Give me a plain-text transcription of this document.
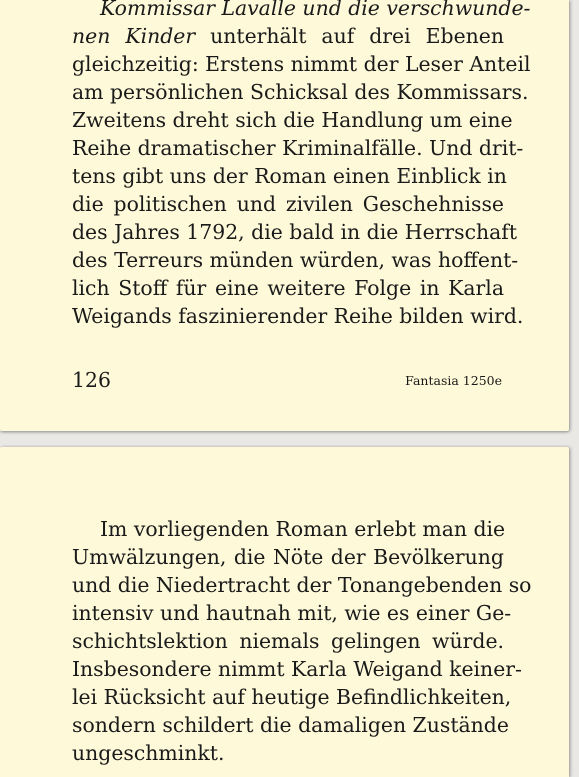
Kommissar Lavalle und die verschwunde-
nen Kinder unterhält auf drei Ebenen
gleichzeitig: Erstens nimmt der Leser Anteil
am persönlichen Schicksal des Kommissars.
Zweitens dreht sich die Handlung um eine
Reihe dramatischer Kriminalfälle. Und drit-
tens gibt uns der Roman einen Einblick in
die politischen und zivilen Geschehnisse
des Jahres 1792, die bald in die Herrschaft
des Terreurs münden würden, was hoffent-
lich Stoff für eine weitere Folge in Karla
Weigands faszinierender Reihe bilden wird.
126	Fantasia 1250e
Im vorliegenden Roman erlebt man die
Umwälzungen, die Nöte der Bevölkerung
und die Niedertracht der Tonangebenden so
intensiv und hautnah mit, wie es einer Ge-
schichtslektion niemals gelingen würde.
Insbesondere nimmt Karla Weigand keiner-
lei Rücksicht auf heutige Befindlichkeiten,
sondern schildert die damaligen Zustände
ungeschminkt.
